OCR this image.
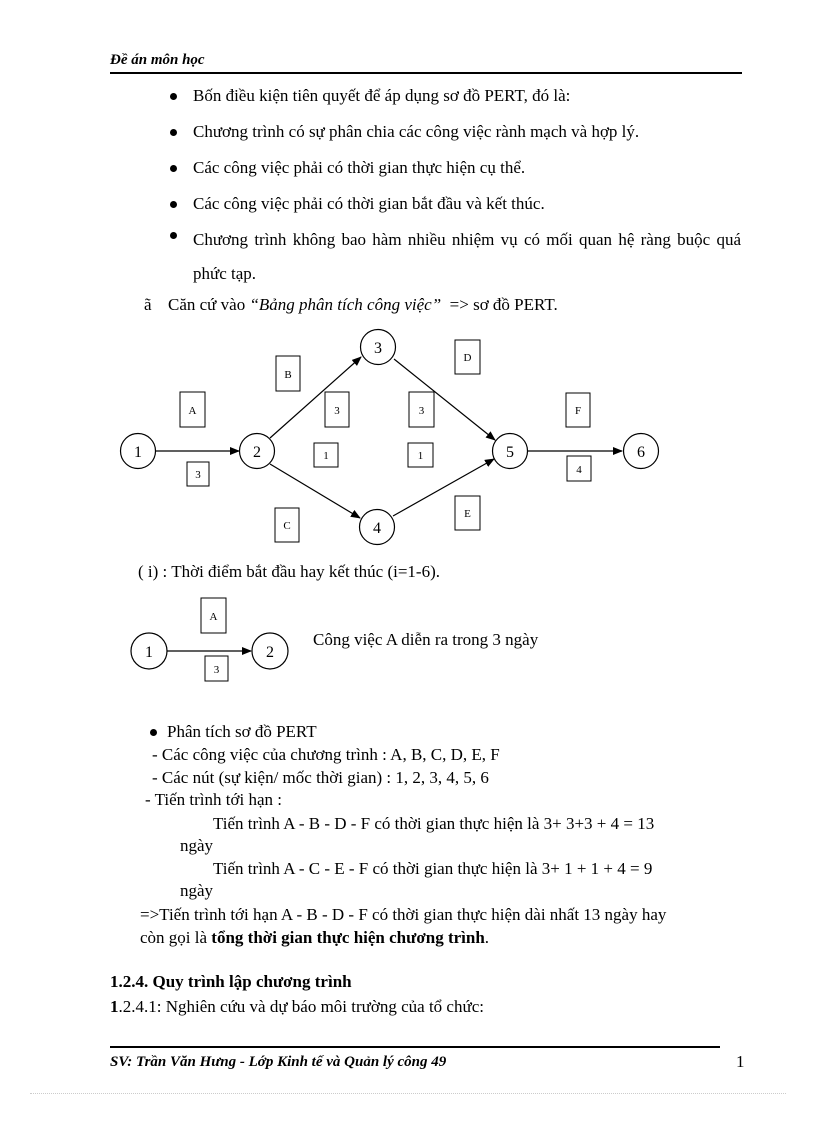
Đề án môn học
Bốn điều kiện tiên quyết để áp dụng sơ đồ PERT, đó là:
Chương trình có sự phân chia các công việc rành mạch và hợp lý.
Các công việc phải có thời gian thực hiện cụ thể.
Các công việc phải có thời gian bắt đầu và kết thúc.
Chương trình không bao hàm nhiều nhiệm vụ có mối quan hệ ràng buộc quá phức tạp.
ã Căn cứ vào “Bảng phân tích công việc” => sơ đồ PERT.
1	2
3
4
5	6
A
3
B
3
C
1
D
3
E
1
F
4
1	2
A
3
( i) : Thời điểm bắt đầu hay kết thúc (i=1-6).
Công việc A diễn ra trong 3 ngày
Phân tích sơ đồ PERT
- Các công việc của chương trình : A, B, C, D, E, F
- Các nút (sự kiện/ mốc thời gian) : 1, 2, 3, 4, 5, 6
- Tiến trình tới hạn :
Tiến trình A - B - D - F có thời gian thực hiện là 3+ 3+3 + 4 = 13
ngày
Tiến trình A - C - E - F có thời gian thực hiện là 3+ 1 + 1 + 4 = 9
ngày
=>Tiến trình tới hạn A - B - D - F có thời gian thực hiện dài nhất 13 ngày hay
còn gọi là tổng thời gian thực hiện chương trình.
1.2.4. Quy trình lập chương trình
1.2.4.1: Nghiên cứu và dự báo môi trường của tổ chức:
SV: Trần Văn Hưng - Lớp Kinh tế và Quản lý công 49	1
